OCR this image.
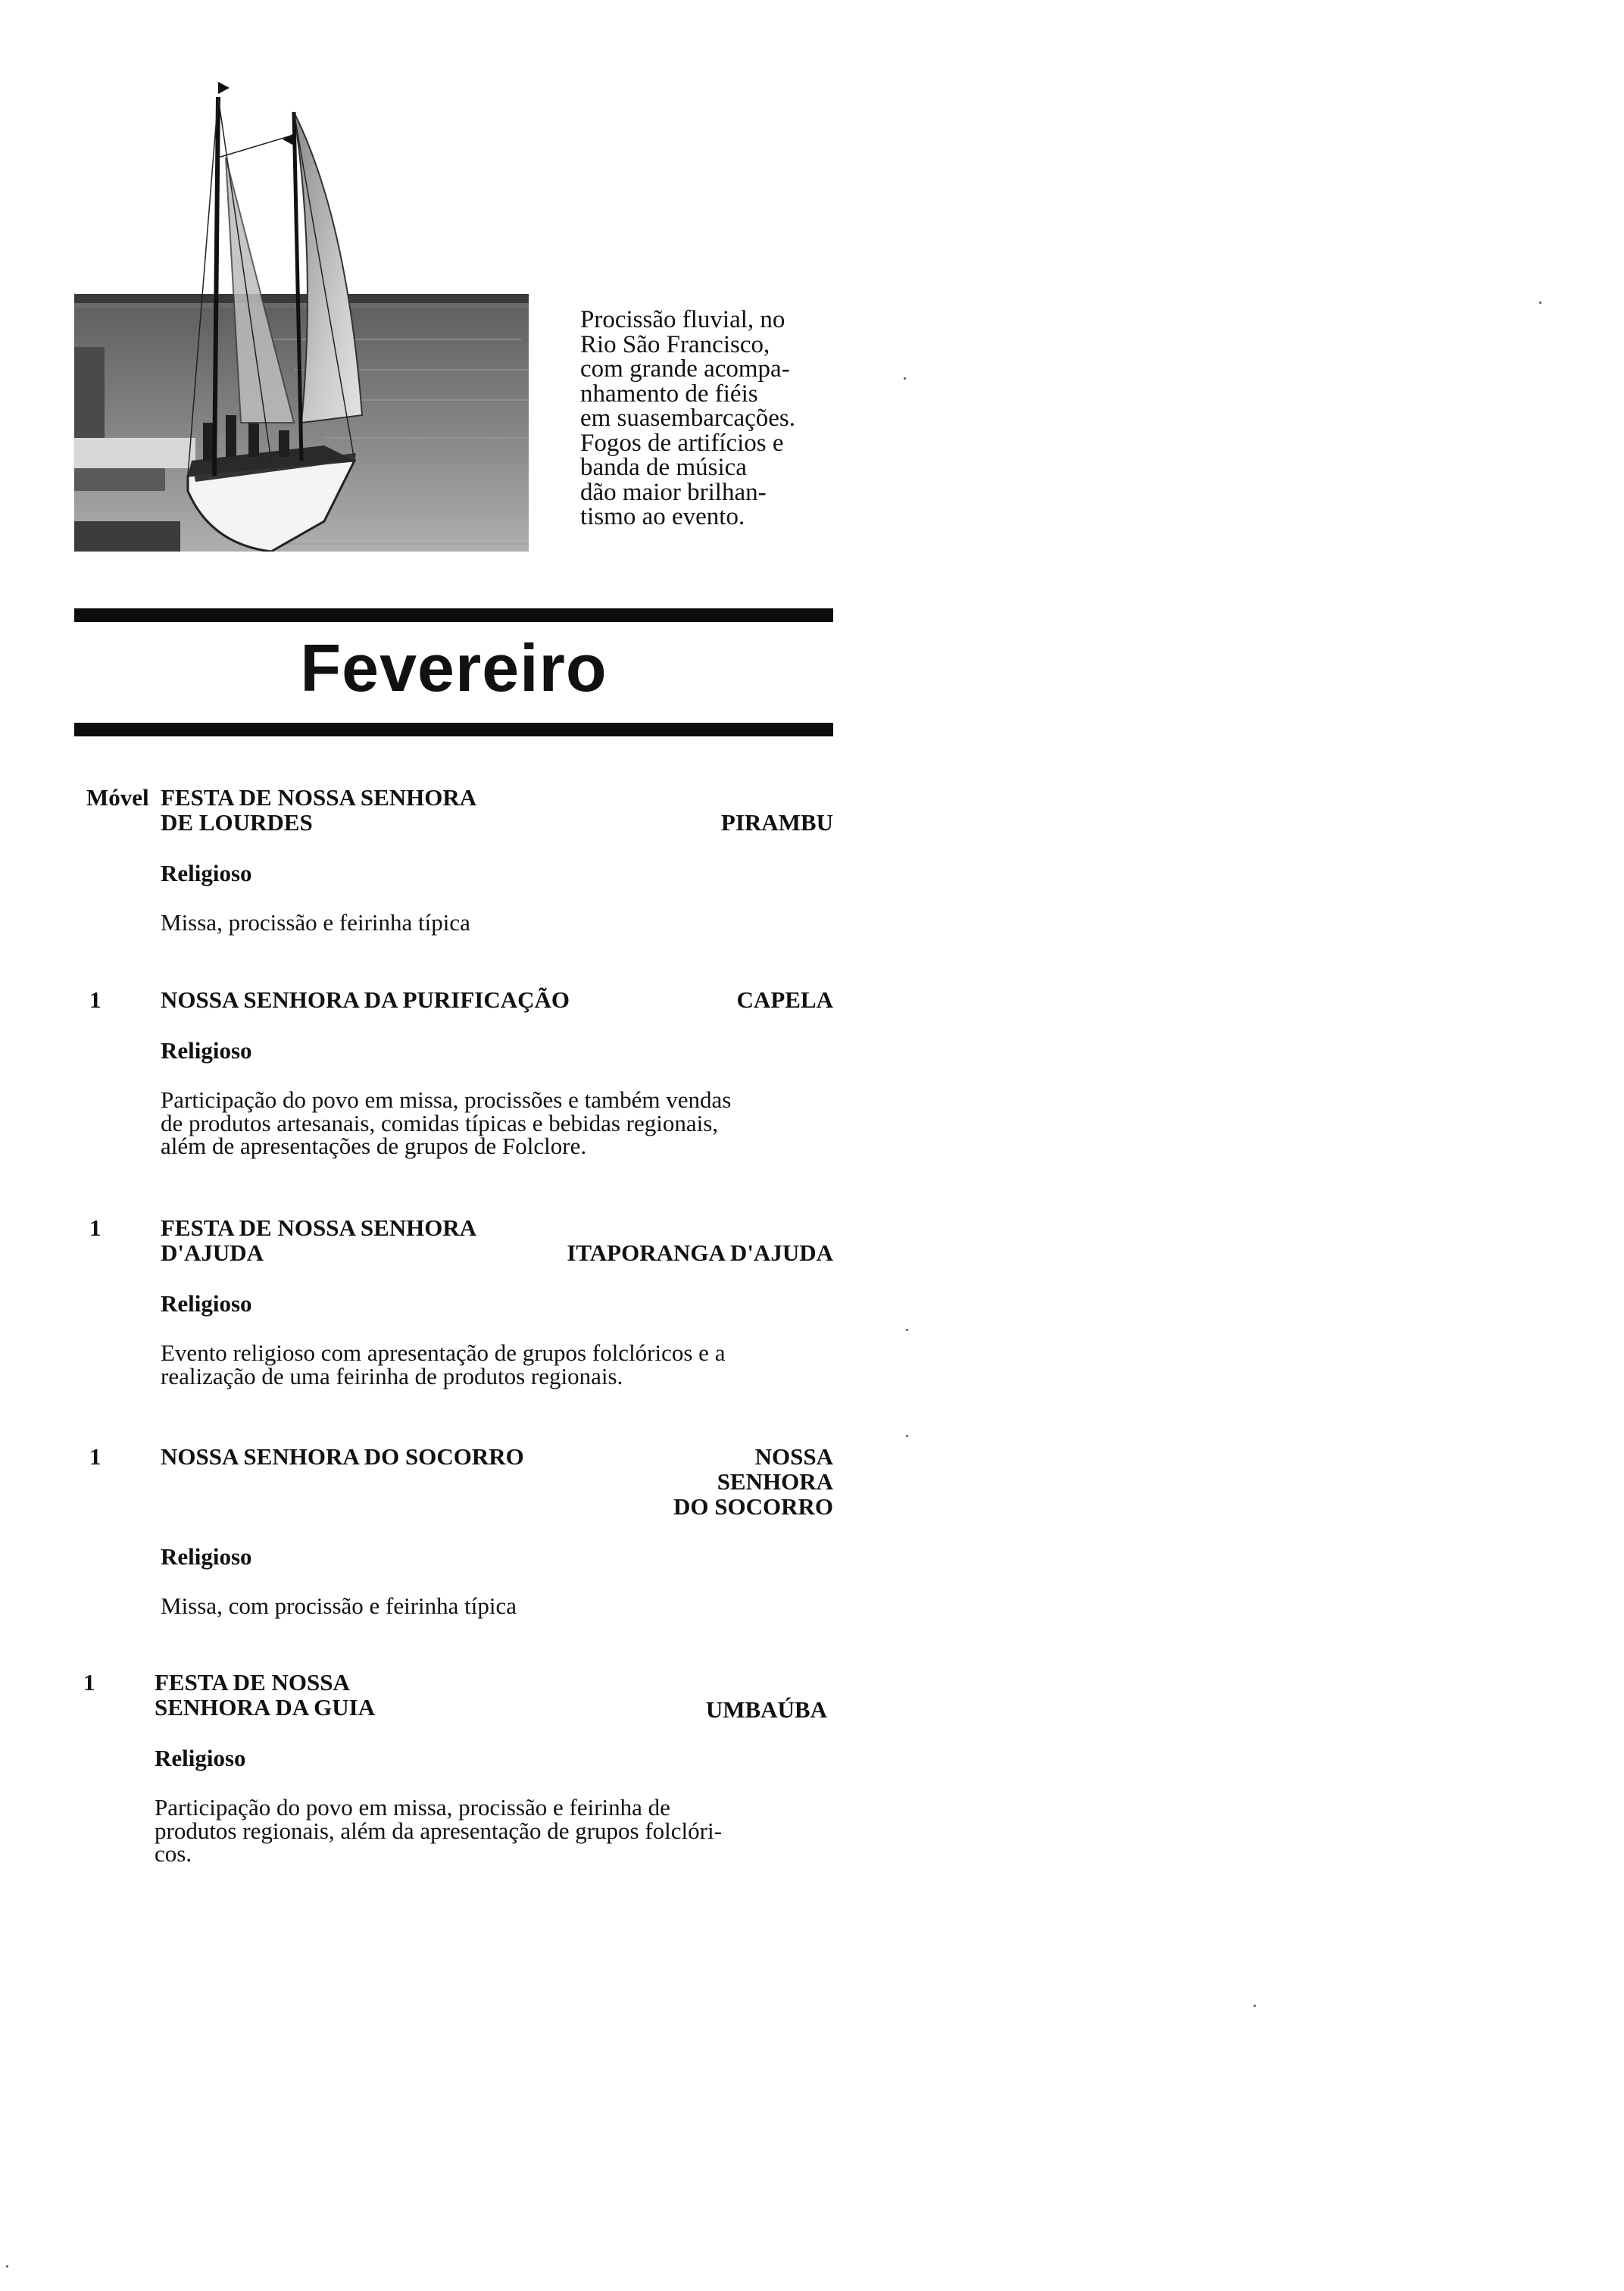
Procissão fluvial, no
Rio São Francisco,
com grande acompa-
nhamento de fiéis
em suasembarcações.
Fogos de artifícios e
banda de música
dão maior brilhan-
tismo ao evento.
Fevereiro
Móvel FESTA DE NOSSA SENHORA
DE LOURDES	PIRAMBU
Religioso
Missa, procissão e feirinha típica
1	NOSSA SENHORA DA PURIFICAÇÃO	CAPELA
Religioso
Participação do povo em missa, procissões e também vendas
de produtos artesanais, comidas típicas e bebidas regionais,
além de apresentações de grupos de Folclore.
1	FESTA DE NOSSA SENHORA
D'AJUDA	ITAPORANGA D'AJUDA
Religioso
Evento religioso com apresentação de grupos folclóricos e a
realização de uma feirinha de produtos regionais.
1	NOSSA SENHORA DO SOCORRO	NOSSA
SENHORA
DO SOCORRO
Religioso
Missa, com procissão e feirinha típica
1	FESTA DE NOSSA
SENHORA DA GUIA	UMBAÚBA
Religioso
Participação do povo em missa, procissão e feirinha de
produtos regionais, além da apresentação de grupos folclóri-
cos.
